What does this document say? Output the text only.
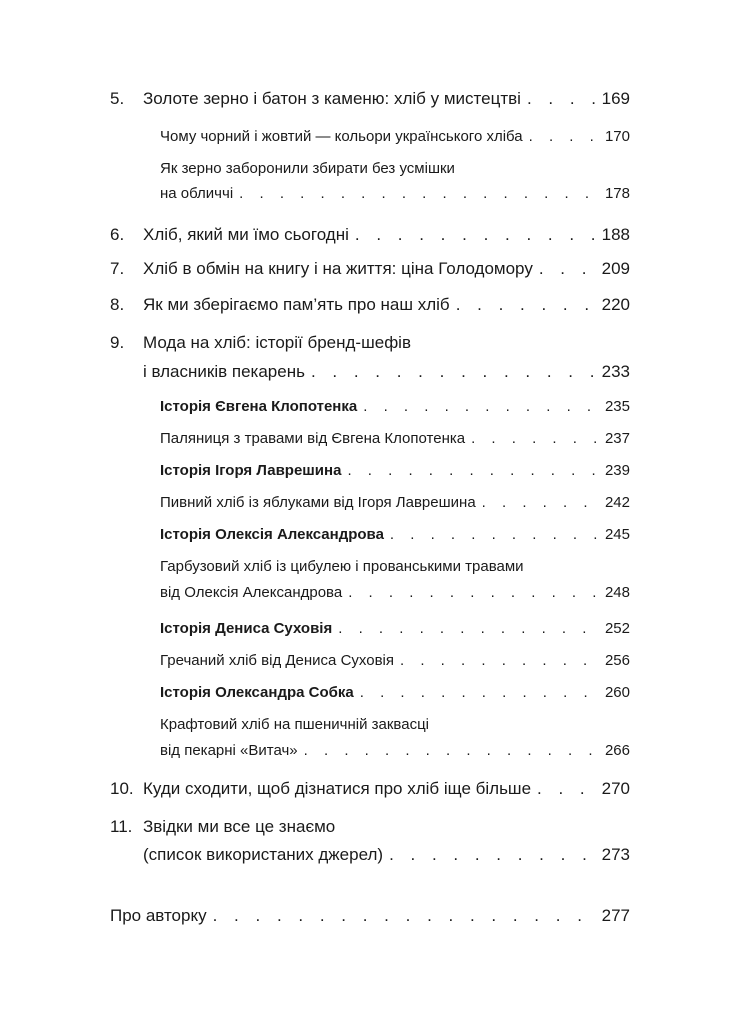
5. Золоте зерно і батон з каменю: хліб у мистецтві . . .	169
Чому чорний і жовтий — кольори українського хліба . . .	170
Як зерно заборонили збирати без усмішки
на обличчі . . .	178
6. Хліб, який ми їмо сьогодні . . .	188
7. Хліб в обмін на книгу і на життя: ціна Голодомору . . .	209
8. Як ми зберігаємо пам’ять про наш хліб . . .	220
9. Мода на хліб: історії бренд-шефів
і власників пекарень . . .	233
Історія Євгена Клопотенка . . .	235
Паляниця з травами від Євгена Клопотенка . . .	237
Історія Ігоря Лаврешина . . .	239
Пивний хліб із яблуками від Ігоря Лаврешина . . .	242
Історія Олексія Александрова . . .	245
Гарбузовий хліб із цибулею і прованськими травами
від Олексія Александрова . . .	248
Історія Дениса Суховія . . .	252
Гречаний хліб від Дениса Суховія . . .	256
Історія Олександра Собка . . .	260
Крафтовий хліб на пшеничній заквасці
від пекарні «Витач» . . .	266
10. Куди сходити, щоб дізнатися про хліб іще більше . . .	270
11. Звідки ми все це знаємо
(список використаних джерел) . . .	273
Про авторку . . .	277
